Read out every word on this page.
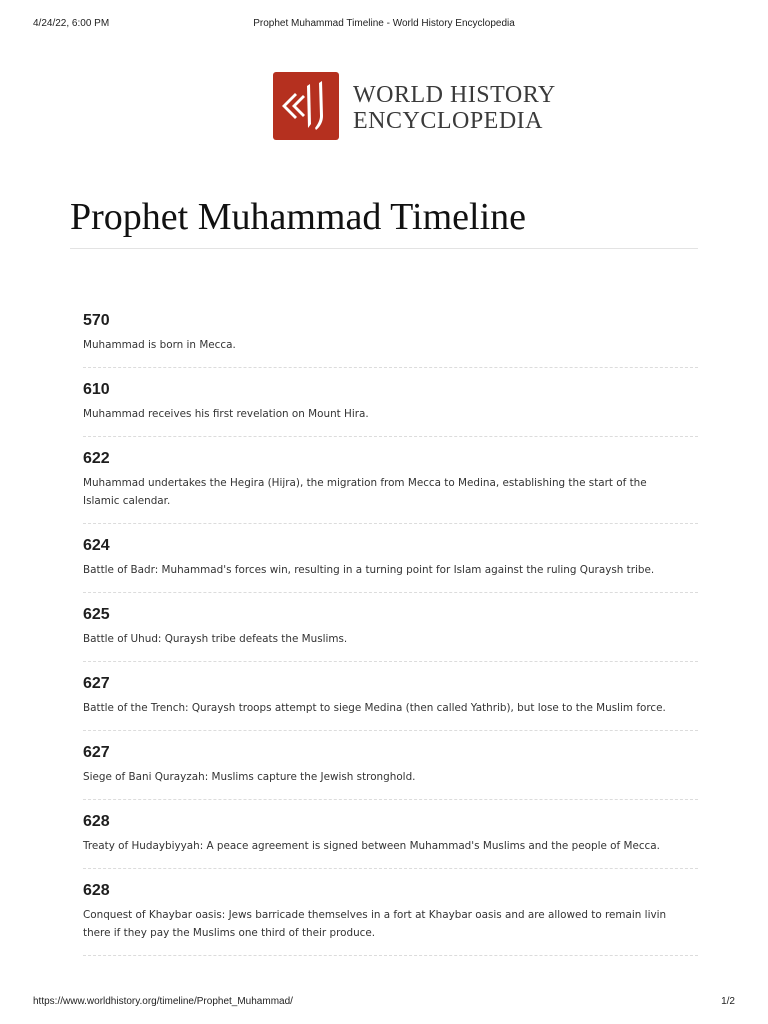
4/24/22, 6:00 PM	Prophet Muhammad Timeline - World History Encyclopedia
WORLD HISTORY
ENCYCLOPEDIA
Prophet Muhammad Timeline
570
Muhammad is born in Mecca.
610
Muhammad receives his first revelation on Mount Hira.
622
Muhammad undertakes the Hegira (Hijra), the migration from Mecca to Medina, establishing the start of the
Islamic calendar.
624
Battle of Badr: Muhammad's forces win, resulting in a turning point for Islam against the ruling Quraysh tribe.
625
Battle of Uhud: Quraysh tribe defeats the Muslims.
627
Battle of the Trench: Quraysh troops attempt to siege Medina (then called Yathrib), but lose to the Muslim force.
627
Siege of Bani Qurayzah: Muslims capture the Jewish stronghold.
628
Treaty of Hudaybiyyah: A peace agreement is signed between Muhammad's Muslims and the people of Mecca.
628
Conquest of Khaybar oasis: Jews barricade themselves in a fort at Khaybar oasis and are allowed to remain livin
there if they pay the Muslims one third of their produce.
https://www.worldhistory.org/timeline/Prophet_Muhammad/	1/2
